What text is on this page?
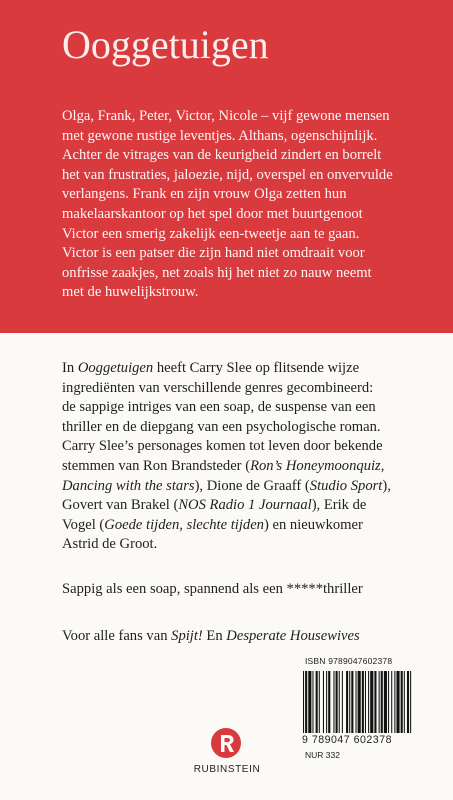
Ooggetuigen

Olga, Frank, Peter, Victor, Nicole – vijf gewone mensen

met gewone rustige leventjes. Althans, ogenschijnlijk.

Achter de vitrages van de keurigheid zindert en borrelt

het van frustraties, jaloezie, nijd, overspel en onvervulde

verlangens. Frank en zijn vrouw Olga zetten hun

makelaarskantoor op het spel door met buurtgenoot

Victor een smerig zakelijk een-tweetje aan te gaan.

Victor is een patser die zijn hand niet omdraait voor

onfrisse zaakjes, net zoals hij het niet zo nauw neemt

met de huwelijkstrouw.

In Ooggetuigen heeft Carry Slee op flitsende wijze

ingrediënten van verschillende genres gecombineerd:

de sappige intriges van een soap, de suspense van een

thriller en de diepgang van een psychologische roman.

Carry Slee’s personages komen tot leven door bekende

stemmen van Ron Brandsteder (Ron’s Honeymoonquiz,

Dancing with the stars), Dione de Graaff (Studio Sport),

Govert van Brakel (NOS Radio 1 Journaal), Erik de

Vogel (Goede tijden, slechte tijden) en nieuwkomer

Astrid de Groot.

Sappig als een soap, spannend als een *****thriller

Voor alle fans van Spijt! En Desperate Housewives

ISBN 9789047602378
9 789047 602378
NUR 332
RUBINSTEIN
